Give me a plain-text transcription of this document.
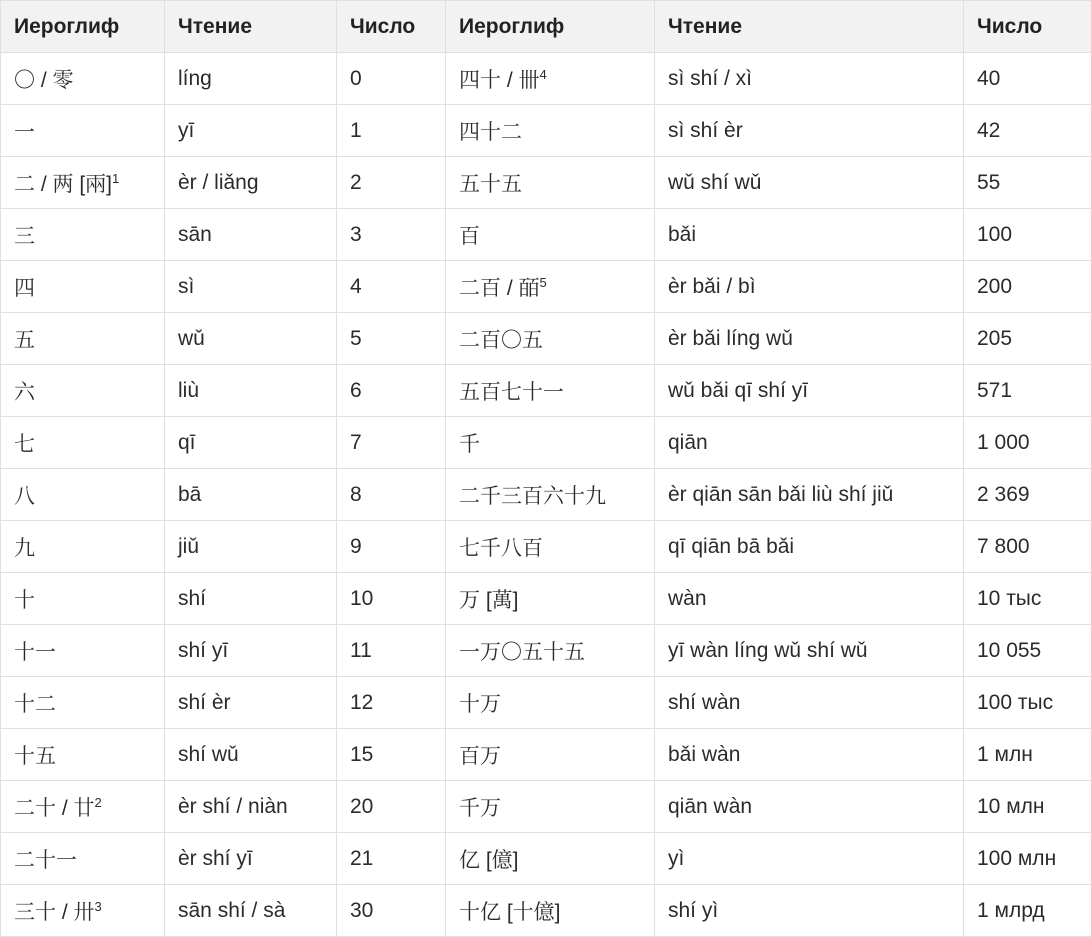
Иероглиф	Чтение	Число	Иероглиф	Чтение	Число
〇 / 零	líng	0	四十 / 卌$^4$	sì shí / xì	40
一	yī	1	四十二	sì shí èr	42
二 / 两 [兩]$^1$	èr / liǎng	2	五十五	wǔ shí wǔ	55
三	sān	3	百	bǎi	100
四	sì	4	二百 / 皕$^5$	èr bǎi / bì	200
五	wǔ	5	二百〇五	èr bǎi líng wǔ	205
六	liù	6	五百七十一	wǔ bǎi qī shí yī	571
七	qī	7	千	qiān	1 000
八	bā	8	二千三百六十九	èr qiān sān bǎi liù shí jiǔ	2 369
九	jiǔ	9	七千八百	qī qiān bā bǎi	7 800
十	shí	10	万 [萬]	wàn	10 тыс
十一	shí yī	11	一万〇五十五	yī wàn líng wǔ shí wǔ	10 055
十二	shí èr	12	十万	shí wàn	100 тыс
十五	shí wǔ	15	百万	bǎi wàn	1 млн
二十 / 廿$^2$	èr shí / niàn	20	千万	qiān wàn	10 млн
二十一	èr shí yī	21	亿 [億]	yì	100 млн
三十 / 卅$^3$	sān shí / sà	30	十亿 [十億]	shí yì	1 млрд
